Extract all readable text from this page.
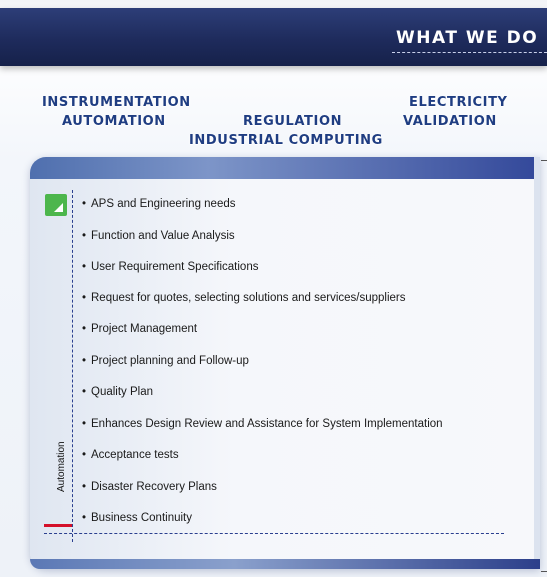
WHAT WE DO
INSTRUMENTATION	ELECTRICITY
AUTOMATION	REGULATION	VALIDATION
INDUSTRIAL COMPUTING
Automation
• APS and Engineering needs
• Function and Value Analysis
• User Requirement Specifications
• Request for quotes, selecting solutions and services/suppliers
• Project Management
• Project planning and Follow-up
• Quality Plan
• Enhances Design Review and Assistance for System Implementation
• Acceptance tests
• Disaster Recovery Plans
• Business Continuity
